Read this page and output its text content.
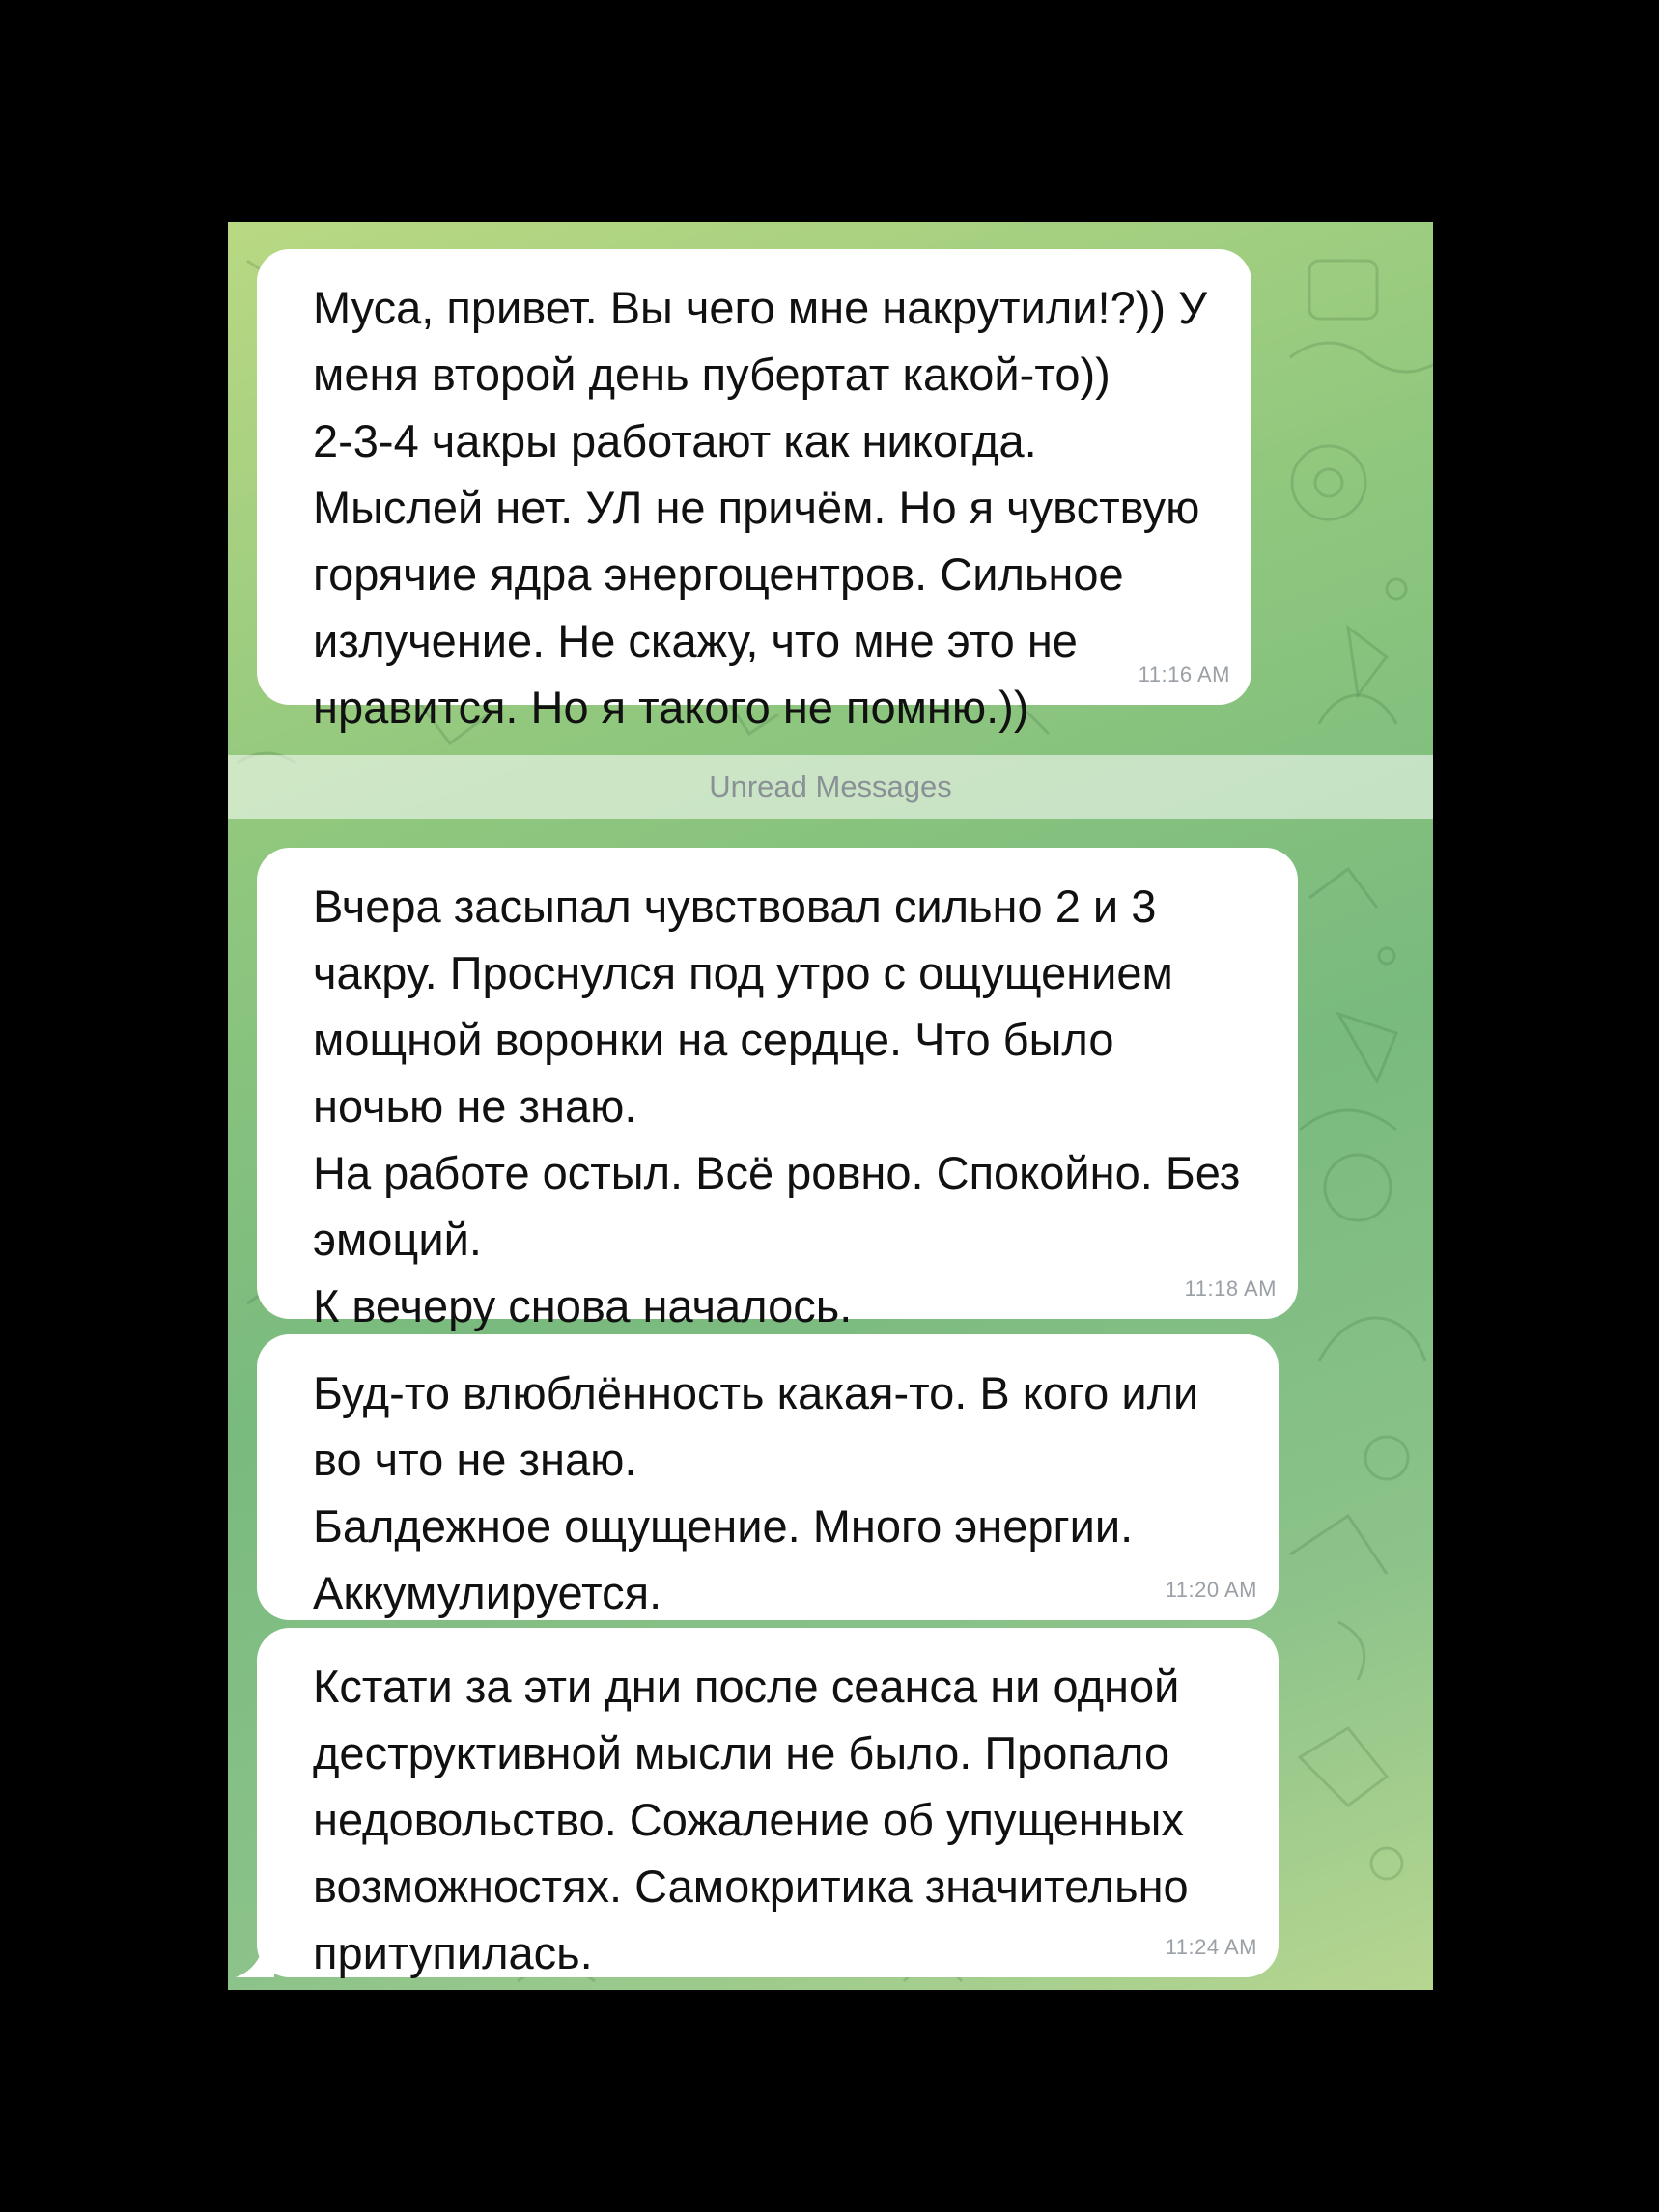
Муса, привет. Вы чего мне накрутили!?)) У
меня второй день пубертат какой-то))
2-3-4 чакры работают как никогда.
Мыслей нет. УЛ не причём. Но я чувствую
горячие ядра энергоцентров. Сильное
излучение. Не скажу, что мне это не
нравится. Но я такого не помню.))
11:16 AM
Unread Messages
Вчера засыпал чувствовал сильно 2 и 3
чакру. Проснулся под утро с ощущением
мощной воронки на сердце. Что было
ночью не знаю.
На работе остыл. Всё ровно. Спокойно. Без
эмоций.
К вечеру снова началось.	11:18 AM
Буд-то влюблённость какая-то. В кого или
во что не знаю.
Балдежное ощущение. Много энергии.
Аккумулируется.	11:20 AM
Кстати за эти дни после сеанса ни одной
деструктивной мысли не было. Пропало
недовольство. Сожаление об упущенных
возможностях. Самокритика значительно
притупилась.	11:24 AM
